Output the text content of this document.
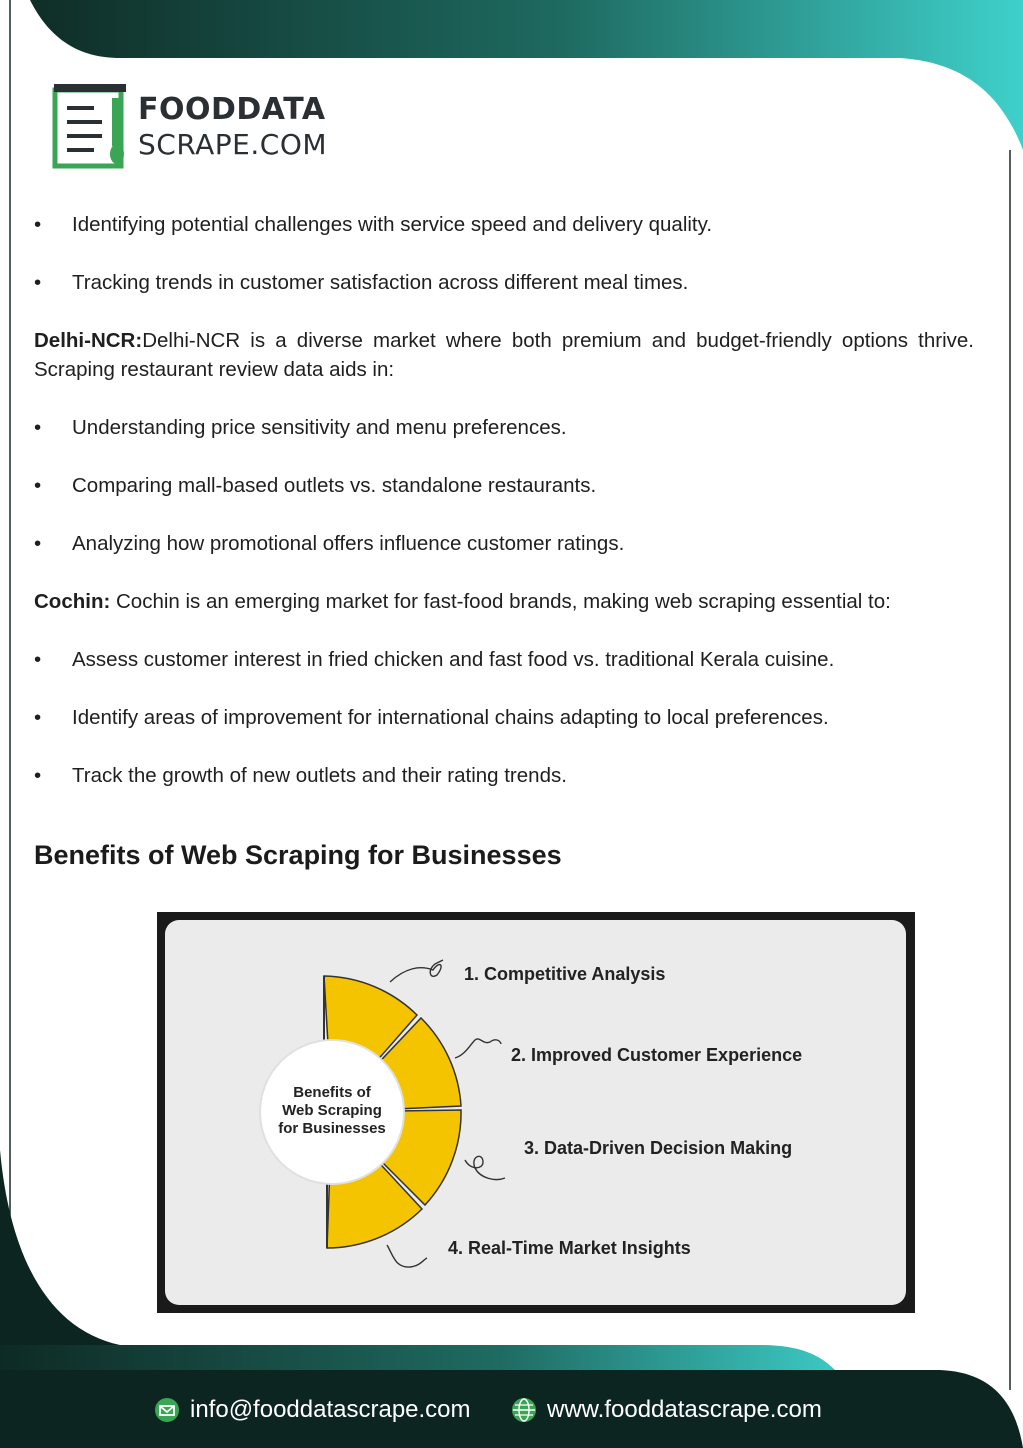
FOODDATA
SCRAPE.COM
• Identifying potential challenges with service speed and delivery quality.
• Tracking trends in customer satisfaction across different meal times.

Delhi-NCR:Delhi-NCR is a diverse market where both premium and budget-friendly options thrive. Scraping restaurant review data aids in:

• Understanding price sensitivity and menu preferences.
• Comparing mall-based outlets vs. standalone restaurants.
• Analyzing how promotional offers influence customer ratings.

Cochin: Cochin is an emerging market for fast-food brands, making web scraping essential to:

• Assess customer interest in fried chicken and fast food vs. traditional Kerala cuisine.
• Identify areas of improvement for international chains adapting to local preferences.
• Track the growth of new outlets and their rating trends.
Benefits of Web Scraping for Businesses
Benefits of
Web Scraping
for Businesses
1. Competitive Analysis
2. Improved Customer Experience
3. Data-Driven Decision Making
4. Real-Time Market Insights
info@fooddatascrape.com	www.fooddatascrape.com
